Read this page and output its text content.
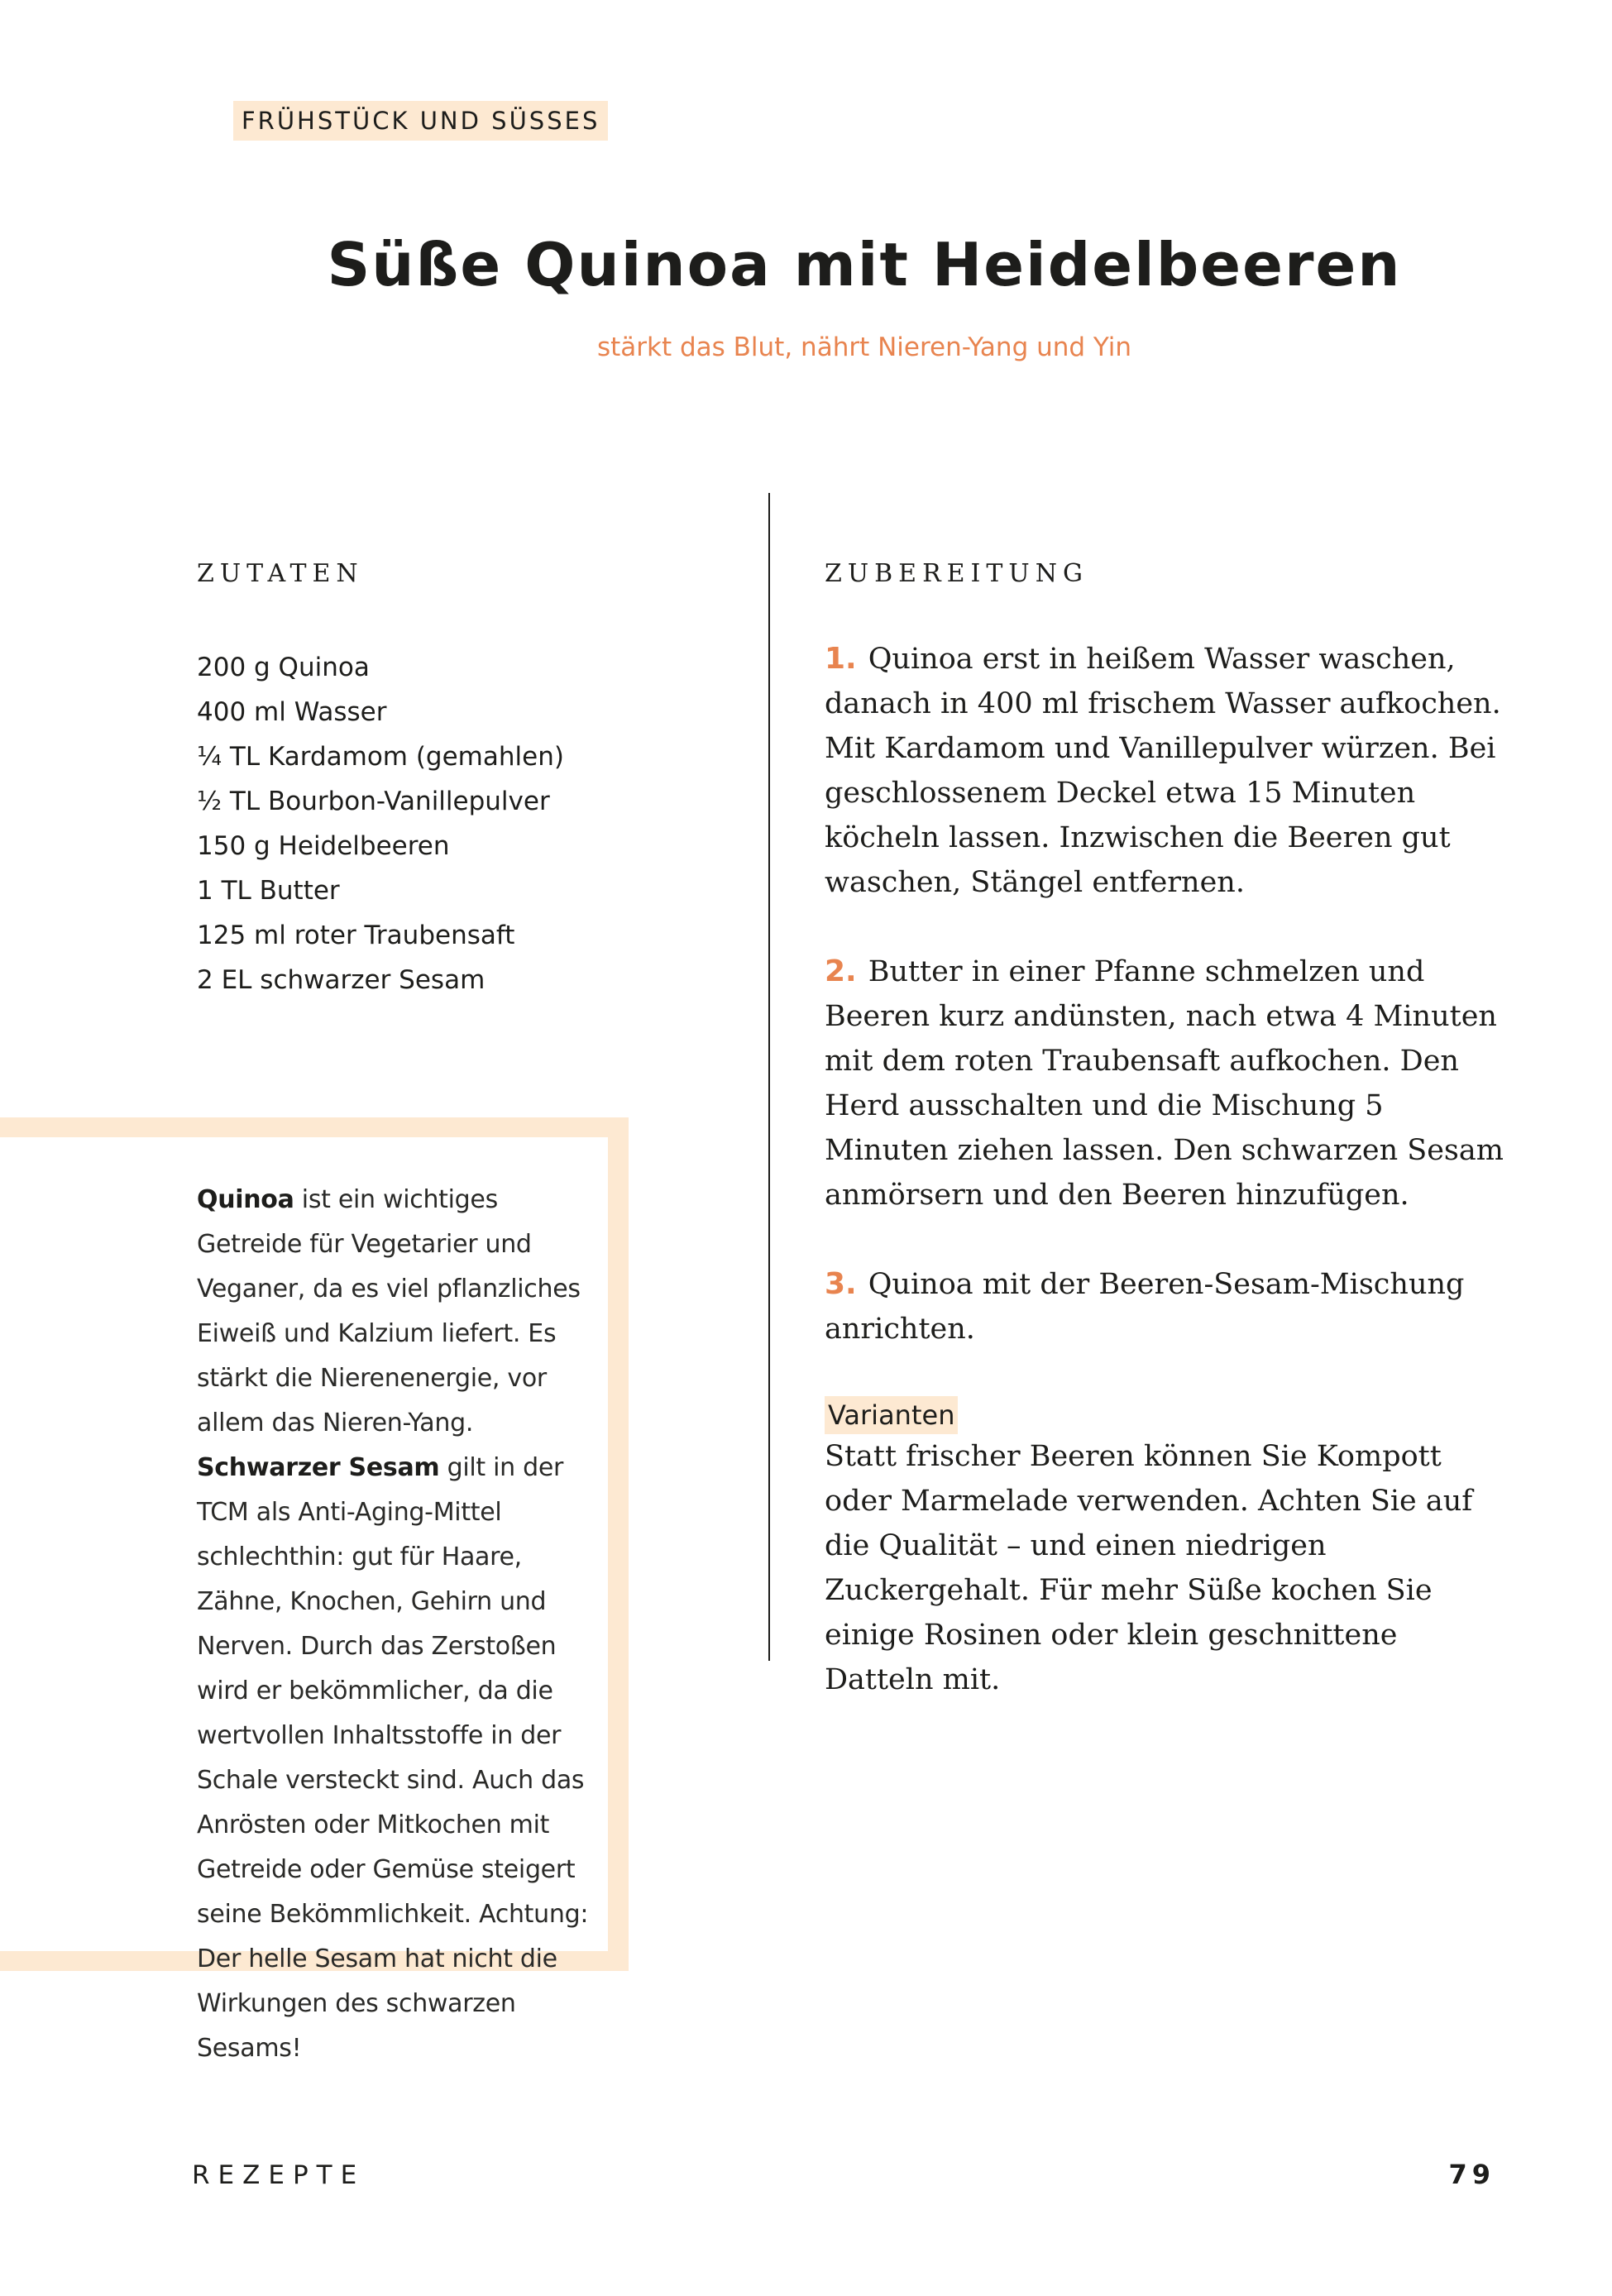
FRÜHSTÜCK UND SÜSSES
Süße Quinoa mit Heidelbeeren
stärkt das Blut, nährt Nieren-Yang und Yin
ZUTATEN
200 g Quinoa
400 ml Wasser
¼ TL Kardamom (gemahlen)
½ TL Bourbon-Vanillepulver
150 g Heidelbeeren
1 TL Butter
125 ml roter Traubensaft
2 EL schwarzer Sesam
Quinoa ist ein wichtiges Getreide für Vegetarier und Veganer, da es viel pflanzliches Eiweiß und Kalzium liefert. Es stärkt die Nierenenergie, vor allem das Nieren-Yang. Schwarzer Sesam gilt in der TCM als Anti-Aging-Mittel schlechthin: gut für Haare, Zähne, Knochen, Gehirn und Nerven. Durch das Zerstoßen wird er bekömmlicher, da die wertvollen Inhaltsstoffe in der Schale versteckt sind. Auch das Anrösten oder Mitkochen mit Getreide oder Gemüse steigert seine Bekömmlichkeit. Achtung: Der helle Sesam hat nicht die Wirkungen des schwarzen Sesams!
ZUBEREITUNG

1. Quinoa erst in heißem Wasser waschen, danach in 400 ml frischem Wasser aufkochen. Mit Kardamom und Vanillepulver würzen. Bei geschlossenem Deckel etwa 15 Minuten köcheln lassen. Inzwischen die Beeren gut waschen, Stängel entfernen.

2. Butter in einer Pfanne schmelzen und Beeren kurz andünsten, nach etwa 4 Minuten mit dem roten Traubensaft aufkochen. Den Herd ausschalten und die Mischung 5 Minuten ziehen lassen. Den schwarzen Sesam anmörsern und den Beeren hinzufügen.

3. Quinoa mit der Beeren-Sesam-Mischung anrichten.

Varianten
Statt frischer Beeren können Sie Kompott oder Marmelade verwenden. Achten Sie auf die Qualität – und einen niedrigen Zuckergehalt. Für mehr Süße kochen Sie einige Rosinen oder klein geschnittene Datteln mit.
REZEPTE	79
